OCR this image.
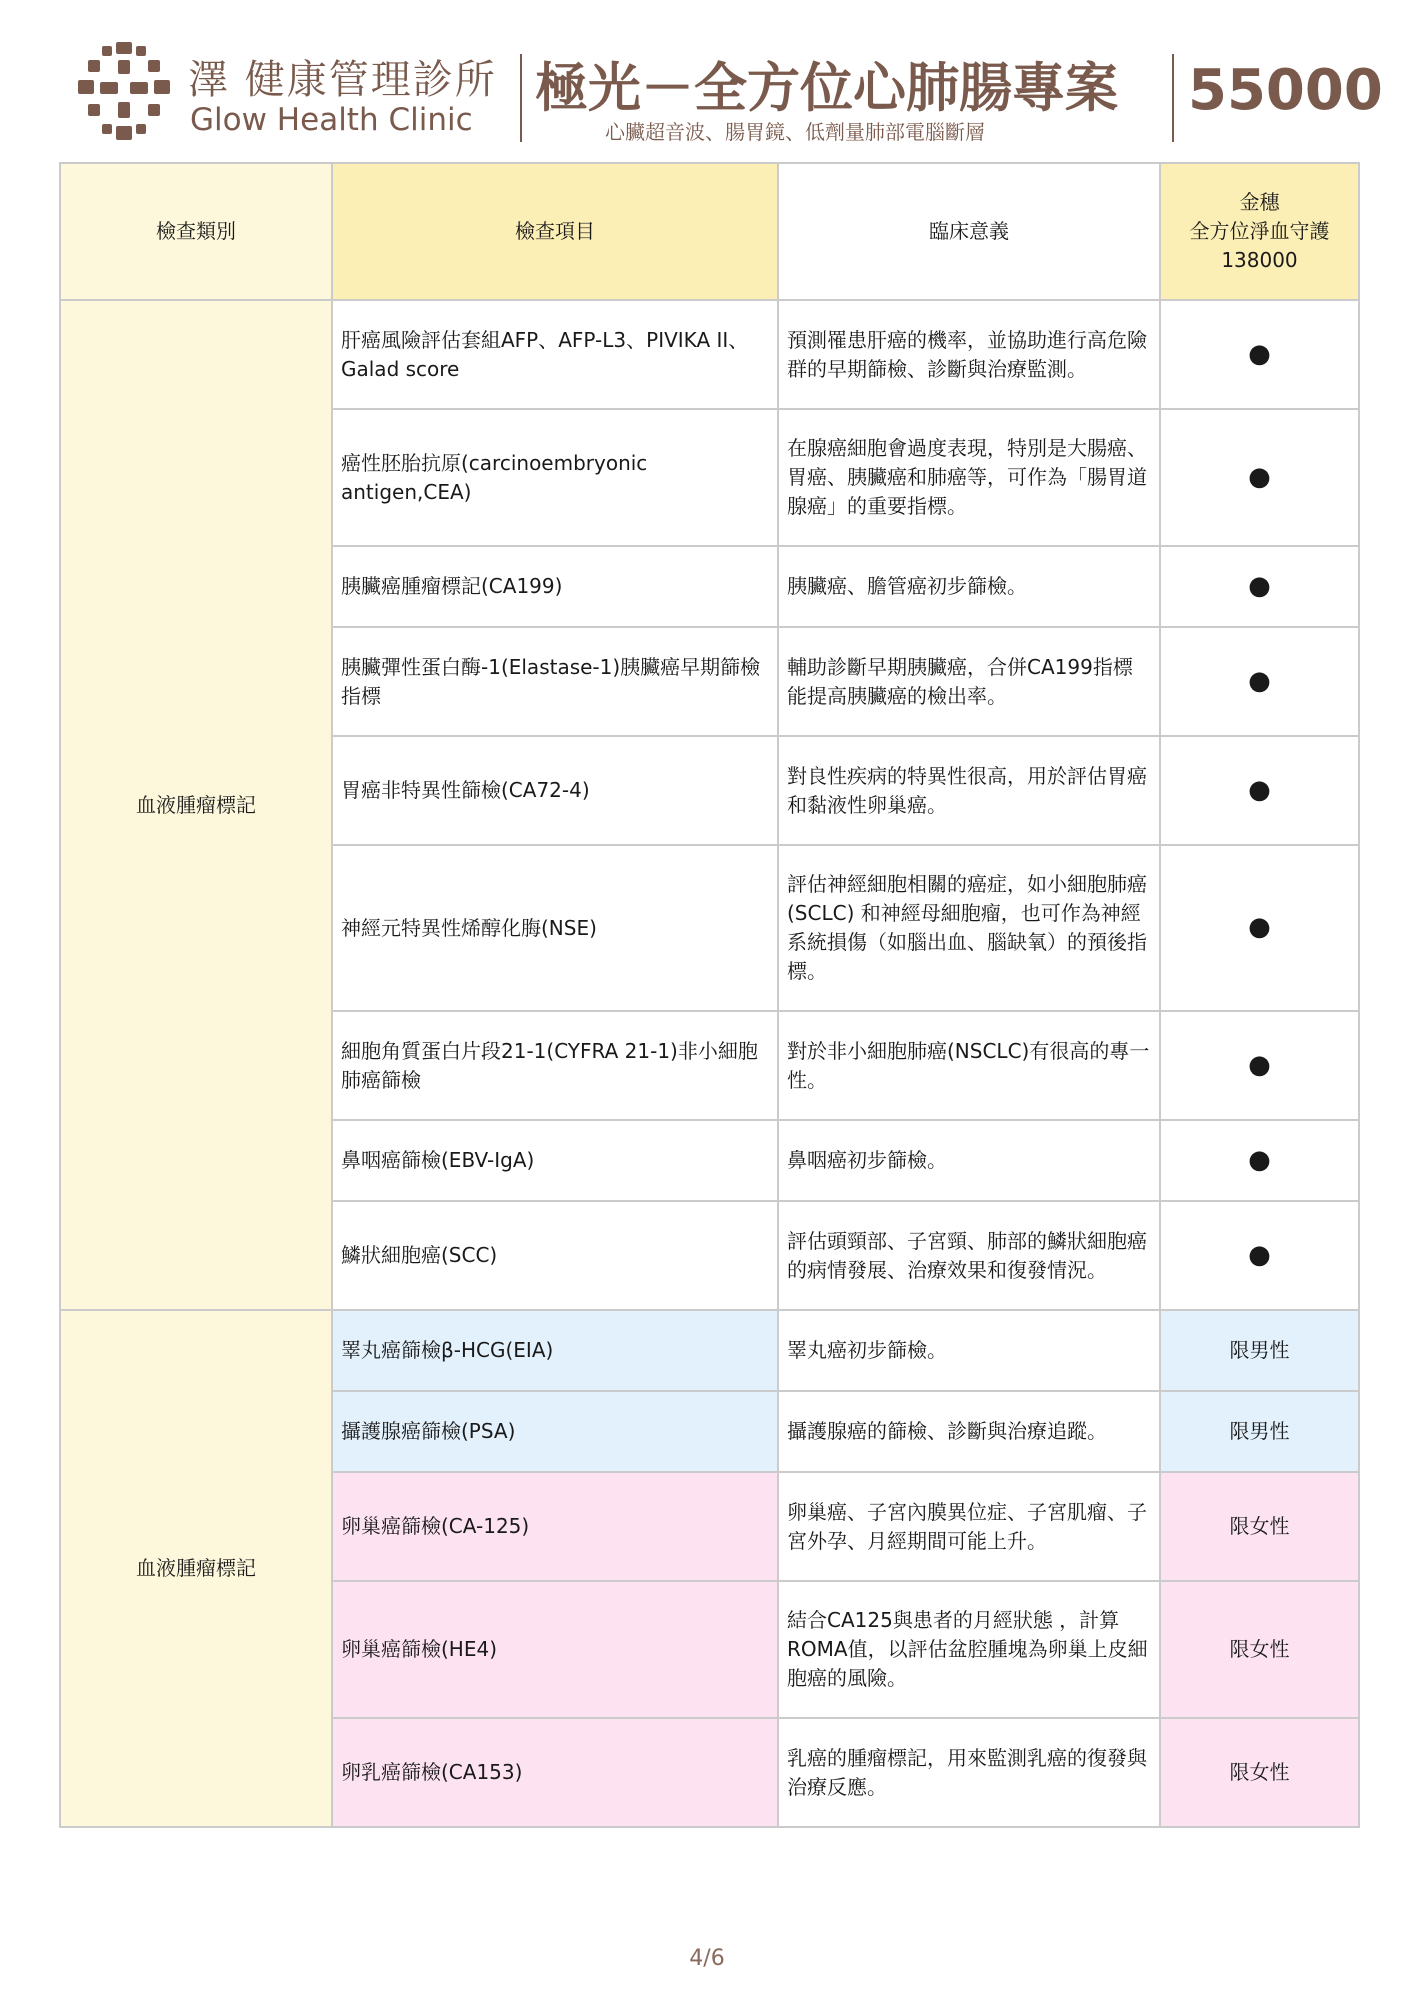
澤 健康管理診所
Glow Health Clinic
極光－全方位心肺腸專案
心臟超音波、腸胃鏡、低劑量肺部電腦斷層
55000
檢查類別	檢查項目	臨床意義	金穗
全方位淨血守護
138000

血液腫瘤標記	肝癌風險評估套組AFP、AFP-L3、PIVIKA II、Galad score	預測罹患肝癌的機率，並協助進行高危險群的早期篩檢、診斷與治療監測。	●
	癌性胚胎抗原(carcinoembryonic antigen,CEA)	在腺癌細胞會過度表現，特別是大腸癌、胃癌、胰臟癌和肺癌等，可作為「腸胃道腺癌」的重要指標。	●
	胰臟癌腫瘤標記(CA199)	胰臟癌、膽管癌初步篩檢。	●
	胰臟彈性蛋白酶-1(Elastase-1)胰臟癌早期篩檢指標	輔助診斷早期胰臟癌，合併CA199指標能提高胰臟癌的檢出率。	●
	胃癌非特異性篩檢(CA72-4)	對良性疾病的特異性很高，用於評估胃癌和黏液性卵巢癌。	●
	神經元特異性烯醇化脢(NSE)	評估神經細胞相關的癌症，如小細胞肺癌(SCLC) 和神經母細胞瘤，也可作為神經系統損傷（如腦出血、腦缺氧）的預後指標。	●
	細胞角質蛋白片段21-1(CYFRA 21-1)非小細胞肺癌篩檢	對於非小細胞肺癌(NSCLC)有很高的專一性。	●
	鼻咽癌篩檢(EBV-IgA)	鼻咽癌初步篩檢。	●
	鱗狀細胞癌(SCC)	評估頭頸部、子宮頸、肺部的鱗狀細胞癌的病情發展、治療效果和復發情況。	●
血液腫瘤標記	睪丸癌篩檢β-HCG(EIA)	睪丸癌初步篩檢。	限男性
	攝護腺癌篩檢(PSA)	攝護腺癌的篩檢、診斷與治療追蹤。	限男性
	卵巢癌篩檢(CA-125)	卵巢癌、子宮內膜異位症、子宮肌瘤、子宮外孕、月經期間可能上升。	限女性
	卵巢癌篩檢(HE4)	結合CA125與患者的月經狀態 ，計算ROMA值，以評估盆腔腫塊為卵巢上皮細胞癌的風險。	限女性
	卵乳癌篩檢(CA153)	乳癌的腫瘤標記，用來監測乳癌的復發與治療反應。	限女性
4/6
